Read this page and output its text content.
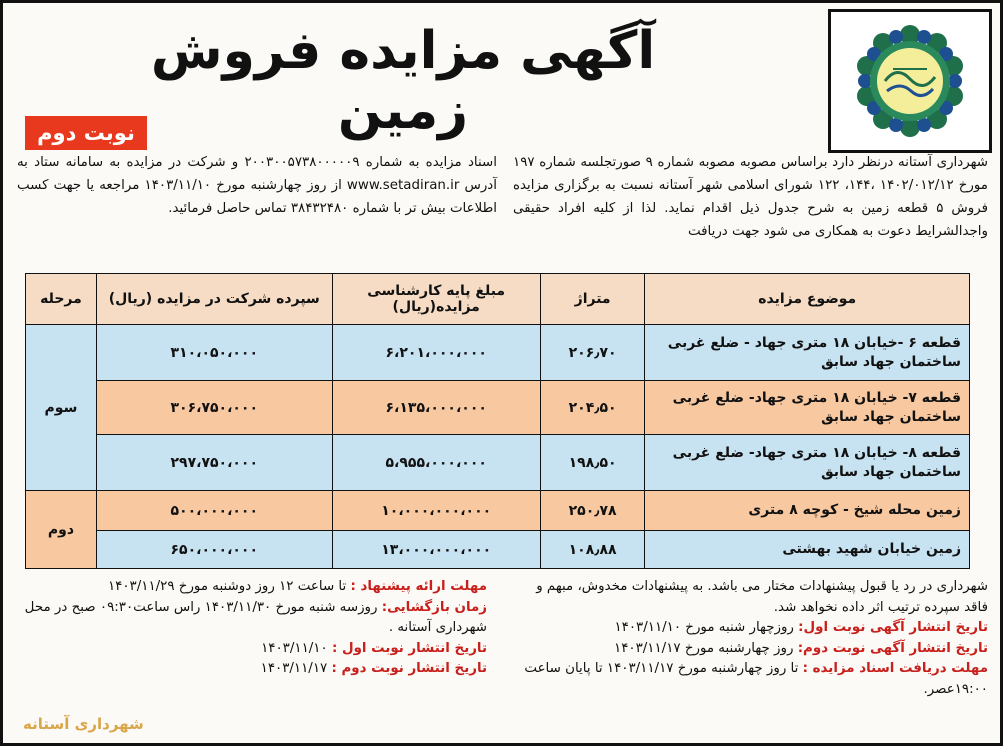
آگهی مزایده فروش زمین
نوبت دوم
شهرداری آستانه درنظر دارد براساس مصوبه مصوبه شماره ۹ صورتجلسه شماره ۱۹۷ مورخ ۱۴۰۲/۰۱۲/۱۲ ،۱۴۴، ۱۲۲ شورای اسلامی شهر آستانه نسبت به برگزاری مزایده فروش ۵ قطعه زمین به شرح جدول ذیل اقدام نماید. لذا از کلیه افراد حقیقی واجدالشرایط دعوت به همکاری می شود جهت دریافت
اسناد مزایده به شماره ۲۰۰۳۰۰۵۷۳۸۰۰۰۰۰۹ و شرکت در مزایده به سامانه ستاد به آدرس www.setadiran.ir از روز چهارشنبه مورخ ۱۴۰۳/۱۱/۱۰ مراجعه یا جهت کسب اطلاعات بیش تر با شماره ۳۸۴۳۲۴۸۰ تماس حاصل فرمائید.
موضوع مزایده	متراژ	مبلغ پایه کارشناسی مزایده(ریال)	سپرده شرکت در مزایده (ریال)	مرحله
قطعه ۶ -خیابان ۱۸ متری جهاد - ضلع غربی ساختمان جهاد سابق	۲۰۶٫۷۰	۶،۲۰۱،۰۰۰،۰۰۰	۳۱۰،۰۵۰،۰۰۰	سوم
قطعه ۷- خیابان ۱۸ متری جهاد- ضلع غربی ساختمان جهاد سابق	۲۰۴٫۵۰	۶،۱۳۵،۰۰۰،۰۰۰	۳۰۶،۷۵۰،۰۰۰	
قطعه ۸- خیابان ۱۸ متری جهاد- ضلع غربی ساختمان جهاد سابق	۱۹۸٫۵۰	۵،۹۵۵،۰۰۰،۰۰۰	۲۹۷،۷۵۰،۰۰۰	
زمین محله شیخ - کوچه ۸ متری	۲۵۰٫۷۸	۱۰،۰۰۰،۰۰۰،۰۰۰	۵۰۰،۰۰۰،۰۰۰	دوم
زمین خیابان شهید بهشتی	۱۰۸٫۸۸	۱۳،۰۰۰،۰۰۰،۰۰۰	۶۵۰،۰۰۰،۰۰۰	
شهرداری در رد یا قبول پیشنهادات مختار می باشد. به پیشنهادات مخدوش، مبهم و فاقد سپرده ترتیب اثر داده نخواهد شد.
تاریخ انتشار آگهی نوبت اول: روزچهار شنبه مورخ ۱۴۰۳/۱۱/۱۰
تاریخ انتشار آگهی نوبت دوم: روز چهارشنبه مورخ ۱۴۰۳/۱۱/۱۷
مهلت دریافت اسناد مزایده : تا روز چهارشنبه مورخ ۱۴۰۳/۱۱/۱۷ تا پایان ساعت ۱۹:۰۰عصر.
مهلت ارائه پیشنهاد : تا ساعت ۱۲ روز دوشنبه مورخ ۱۴۰۳/۱۱/۲۹
زمان بازگشایی: روزسه شنبه مورخ ۱۴۰۳/۱۱/۳۰ راس ساعت۰۹:۳۰ صبح در محل شهرداری آستانه .
تاریخ انتشار نوبت اول : ۱۴۰۳/۱۱/۱۰
تاریخ انتشار نوبت دوم : ۱۴۰۳/۱۱/۱۷
شهرداری آستانه
